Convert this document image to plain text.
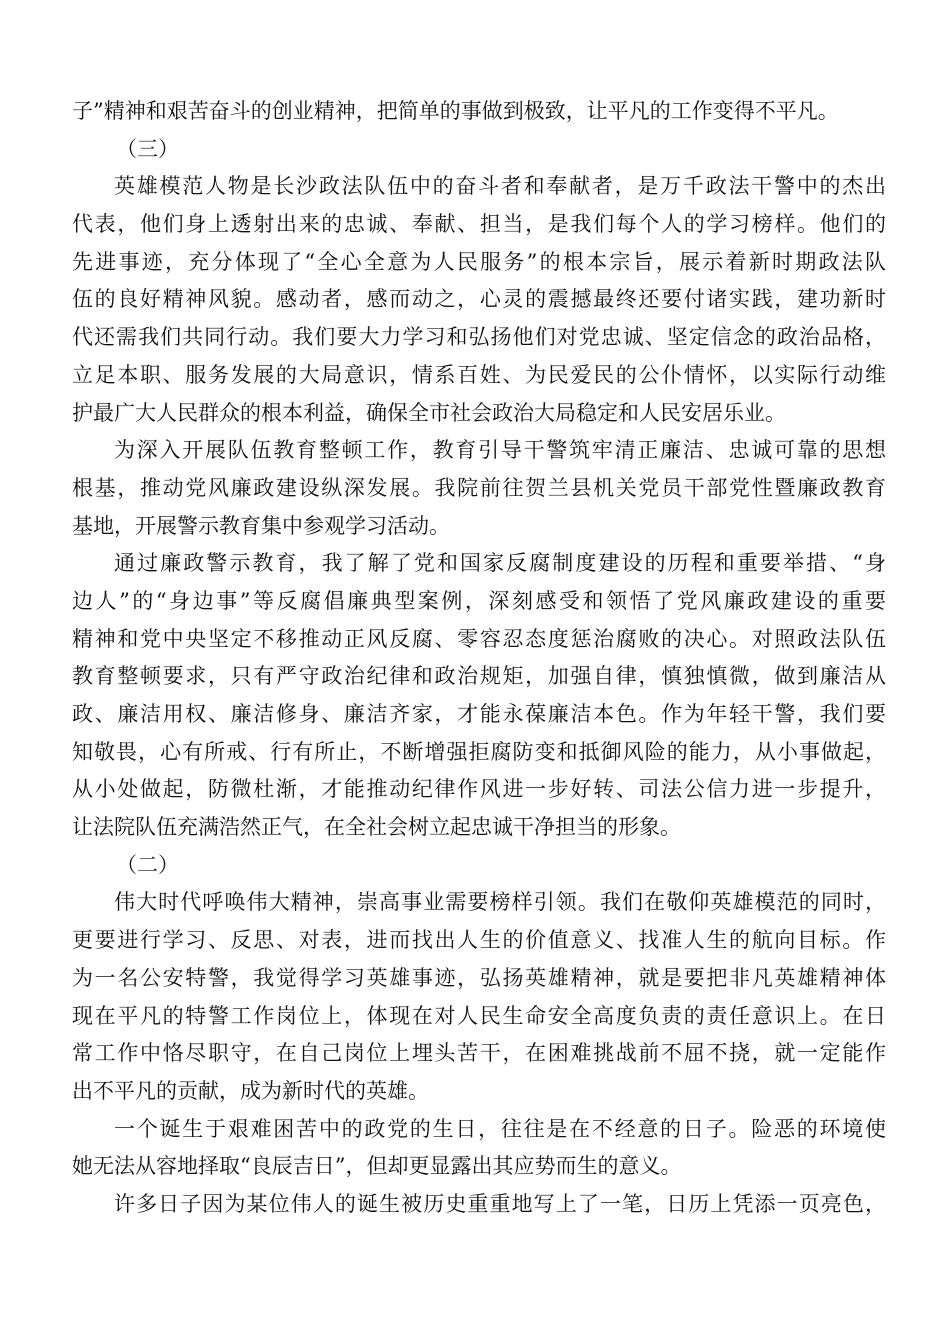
子”精神和艰苦奋斗的创业精神，把简单的事做到极致，让平凡的工作变得不平凡。
（三）
英雄模范人物是长沙政法队伍中的奋斗者和奉献者，是万千政法干警中的杰出
代表，他们身上透射出来的忠诚、奉献、担当，是我们每个人的学习榜样。他们的
先进事迹，充分体现了“全心全意为人民服务”的根本宗旨，展示着新时期政法队
伍的良好精神风貌。感动者，感而动之，心灵的震撼最终还要付诸实践，建功新时
代还需我们共同行动。我们要大力学习和弘扬他们对党忠诚、坚定信念的政治品格，
立足本职、服务发展的大局意识，情系百姓、为民爱民的公仆情怀，以实际行动维
护最广大人民群众的根本利益，确保全市社会政治大局稳定和人民安居乐业。
为深入开展队伍教育整顿工作，教育引导干警筑牢清正廉洁、忠诚可靠的思想
根基，推动党风廉政建设纵深发展。我院前往贺兰县机关党员干部党性暨廉政教育
基地，开展警示教育集中参观学习活动。
通过廉政警示教育，我了解了党和国家反腐制度建设的历程和重要举措、“身
边人”的“身边事”等反腐倡廉典型案例，深刻感受和领悟了党风廉政建设的重要
精神和党中央坚定不移推动正风反腐、零容忍态度惩治腐败的决心。对照政法队伍
教育整顿要求，只有严守政治纪律和政治规矩，加强自律，慎独慎微，做到廉洁从
政、廉洁用权、廉洁修身、廉洁齐家，才能永葆廉洁本色。作为年轻干警，我们要
知敬畏，心有所戒、行有所止，不断增强拒腐防变和抵御风险的能力，从小事做起，
从小处做起，防微杜渐，才能推动纪律作风进一步好转、司法公信力进一步提升，
让法院队伍充满浩然正气，在全社会树立起忠诚干净担当的形象。
（二）
伟大时代呼唤伟大精神，崇高事业需要榜样引领。我们在敬仰英雄模范的同时，
更要进行学习、反思、对表，进而找出人生的价值意义、找准人生的航向目标。作
为一名公安特警，我觉得学习英雄事迹，弘扬英雄精神，就是要把非凡英雄精神体
现在平凡的特警工作岗位上，体现在对人民生命安全高度负责的责任意识上。在日
常工作中恪尽职守，在自己岗位上埋头苦干，在困难挑战前不屈不挠，就一定能作
出不平凡的贡献，成为新时代的英雄。
一个诞生于艰难困苦中的政党的生日，往往是在不经意的日子。险恶的环境使
她无法从容地择取“良辰吉日”，但却更显露出其应势而生的意义。
许多日子因为某位伟人的诞生被历史重重地写上了一笔，日历上凭添一页亮色，
